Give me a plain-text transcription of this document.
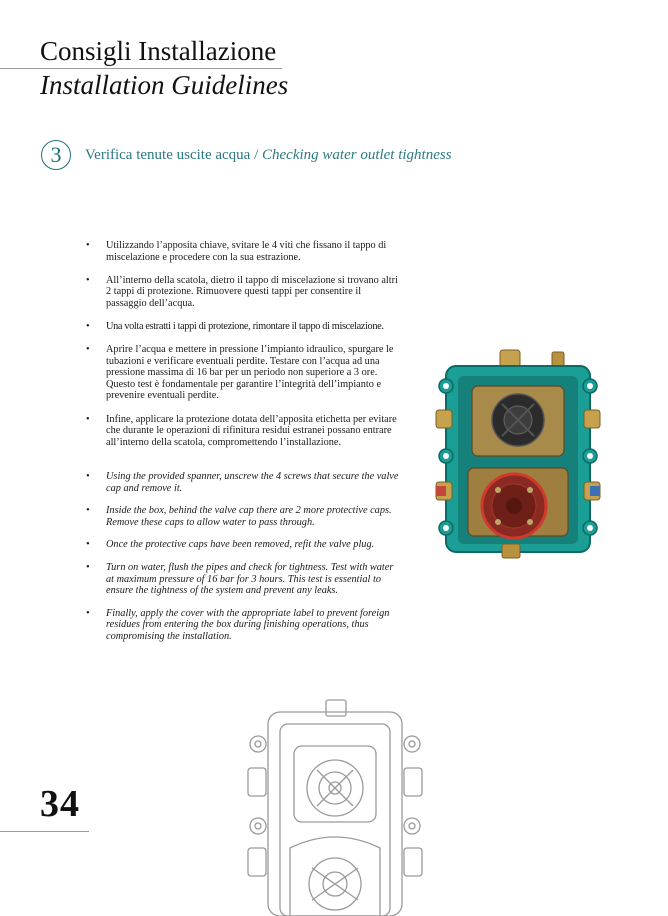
Consigli Installazione
Installation Guidelines
3 Verifica tenute uscite acqua / Checking water outlet tightness
• Utilizzando l’apposita chiave, svitare le 4 viti che fissano il tappo di miscelazione e procedere con la sua estrazione.
• All’interno della scatola, dietro il tappo di miscelazione si trovano altri 2 tappi di protezione. Rimuovere questi tappi per consentire il passaggio dell’acqua.
• Una volta estratti i tappi di protezione, rimontare il tappo di miscelazione.
• Aprire l’acqua e mettere in pressione l’impianto idraulico, spurgare le tubazioni e verificare eventuali perdite. Testare con l’acqua ad una pressione massima di 16 bar per un periodo non superiore a 3 ore. Questo test è fondamentale per garantire l’integrità dell’impianto e prevenire eventuali perdite.
• Infine, applicare la protezione dotata dell’apposita etichetta per evitare che durante le operazioni di rifinitura residui estranei possano entrare all’interno della scatola, compromettendo l’installazione.
• Using the provided spanner, unscrew the 4 screws that secure the valve cap and remove it.
• Inside the box, behind the valve cap there are 2 more protective caps. Remove these caps to allow water to pass through.
• Once the protective caps have been removed, refit the valve plug.
• Turn on water, flush the pipes and check for tightness. Test with water at maximum pressure of 16 bar for 3 hours. This test is essential to ensure the tightness of the system and prevent any leaks.
• Finally, apply the cover with the appropriate label to prevent foreign residues from entering the box during finishing operations, thus compromising the installation.
34
